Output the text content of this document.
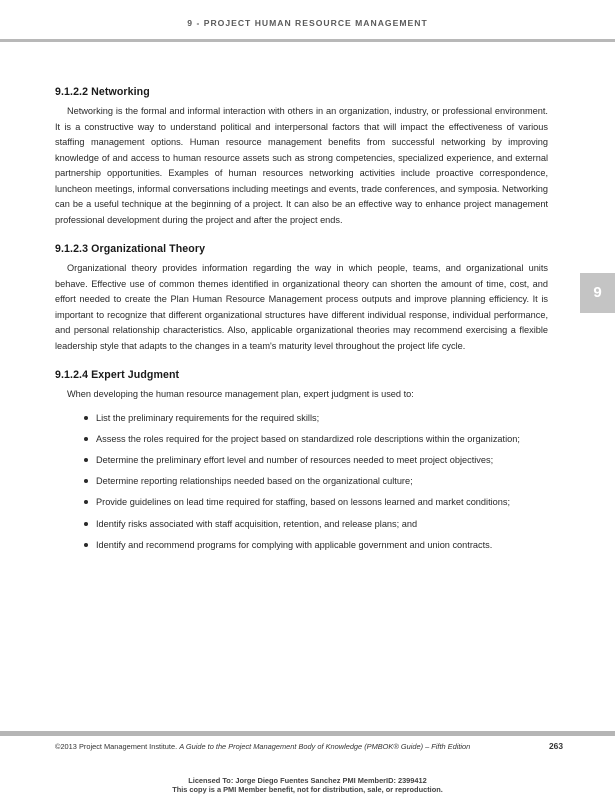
9 - PROJECT HUMAN RESOURCE MANAGEMENT
9.1.2.2 Networking

Networking is the formal and informal interaction with others in an organization, industry, or professional environment. It is a constructive way to understand political and interpersonal factors that will impact the effectiveness of various staffing management options. Human resource management benefits from successful networking by improving knowledge of and access to human resource assets such as strong competencies, specialized experience, and external partnership opportunities. Examples of human resources networking activities include proactive correspondence, luncheon meetings, informal conversations including meetings and events, trade conferences, and symposia. Networking can be a useful technique at the beginning of a project. It can also be an effective way to enhance project management professional development during the project and after the project ends.

9.1.2.3 Organizational Theory

Organizational theory provides information regarding the way in which people, teams, and organizational units behave. Effective use of common themes identified in organizational theory can shorten the amount of time, cost, and effort needed to create the Plan Human Resource Management process outputs and improve planning efficiency. It is important to recognize that different organizational structures have different individual response, individual performance, and personal relationship characteristics. Also, applicable organizational theories may recommend exercising a flexible leadership style that adapts to the changes in a team's maturity level throughout the project life cycle.

9.1.2.4 Expert Judgment

When developing the human resource management plan, expert judgment is used to:

List the preliminary requirements for the required skills;
Assess the roles required for the project based on standardized role descriptions within the organization;
Determine the preliminary effort level and number of resources needed to meet project objectives;
Determine reporting relationships needed based on the organizational culture;
Provide guidelines on lead time required for staffing, based on lessons learned and market conditions;
Identify risks associated with staff acquisition, retention, and release plans; and
Identify and recommend programs for complying with applicable government and union contracts.
9
©2013 Project Management Institute. A Guide to the Project Management Body of Knowledge (PMBOK® Guide) – Fifth Edition	263
Licensed To: Jorge Diego Fuentes Sanchez PMI MemberID: 2399412
This copy is a PMI Member benefit, not for distribution, sale, or reproduction.
